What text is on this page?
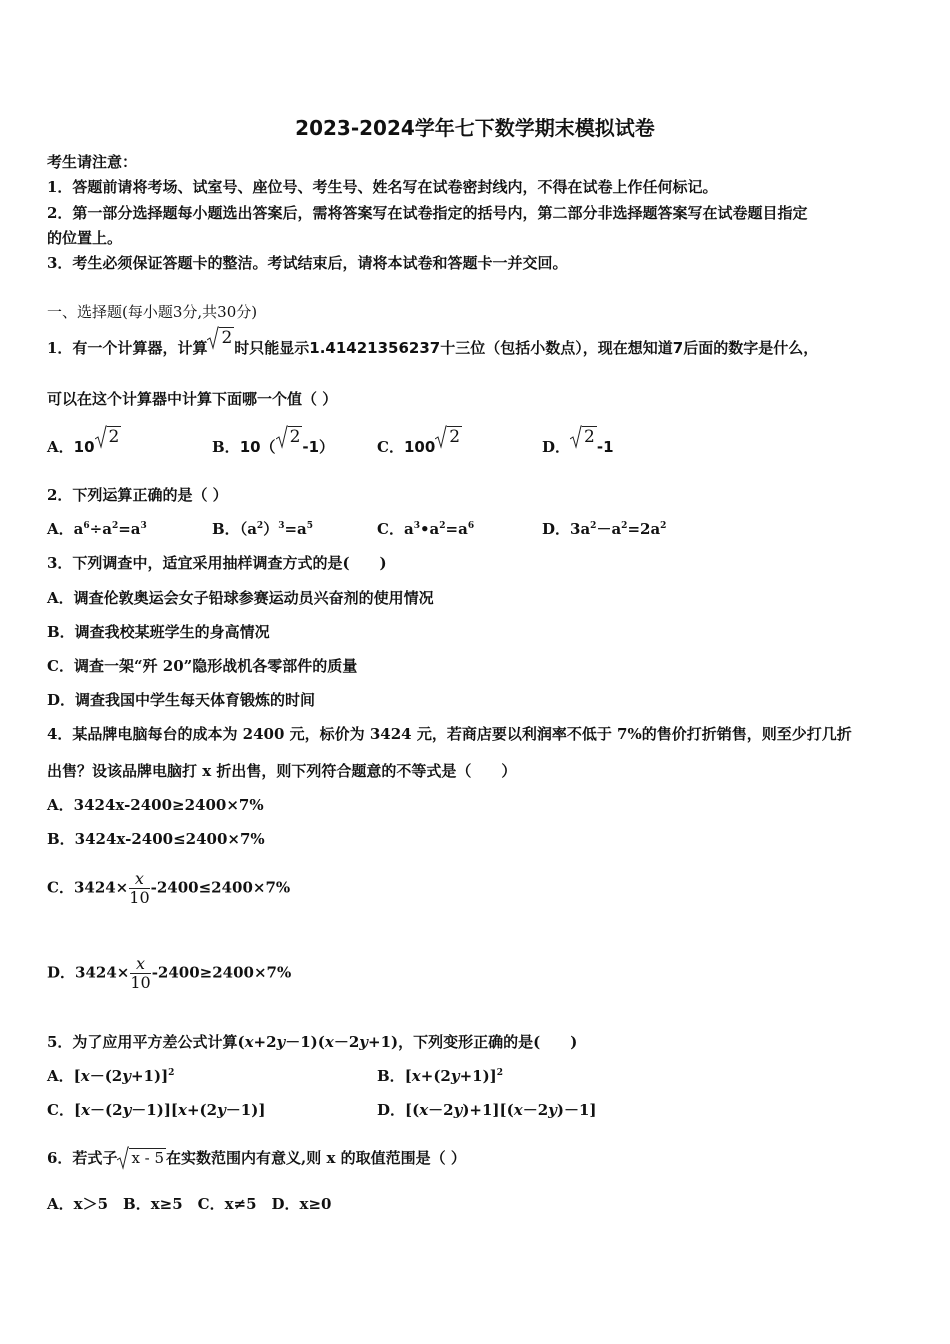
2023-2024学年七下数学期末模拟试卷
考生请注意：
1．答题前请将考场、试室号、座位号、考生号、姓名写在试卷密封线内，不得在试卷上作任何标记。
2．第一部分选择题每小题选出答案后，需将答案写在试卷指定的括号内，第二部分非选择题答案写在试卷题目指定
的位置上。
3．考生必须保证答题卡的整洁。考试结束后，请将本试卷和答题卡一并交回。
一、选择题(每小题3分,共30分)
1．有一个计算器，计算 2 时只能显示1.41421356237十三位（包括小数点），现在想知道7后面的数字是什么，
可以在这个计算器中计算下面哪一个值（ ）
A．10 2	B．10（ 2 -1）	C．100 2	D． 2 -1
2．下列运算正确的是（ ）
A．$a^6\div a^2=a^3$	B．$(a^2)^3=a^5$	C．$a^3•a^2=a^6$	D．$3a^2-a^2=2a^2$
3．下列调查中，适宜采用抽样调查方式的是(　　)
A．调查伦敦奥运会女子铅球参赛运动员兴奋剂的使用情况
B．调查我校某班学生的身高情况
C．调查一架“歼 20”隐形战机各零部件的质量
D．调查我国中学生每天体育锻炼的时间
4．某品牌电脑每台的成本为 2400 元，标价为 3424 元，若商店要以利润率不低于 7%的售价打折销售，则至少打几折
出售？设该品牌电脑打 x 折出售，则下列符合题意的不等式是（　　）
A．3424x-2400≥2400×7%
B．3424x-2400≤2400×7%
C．$3424\times \frac{x}{10} -2400\le 2400\times 7\%$
D．$3424\times \frac{x}{10} -2400\ge 2400\times 7\%$
5．为了应用平方差公式计算(x+2y－1)(x－2y+1)，下列变形正确的是(　　)
A．$[x-(2y+1)]^2$	B．$[x+(2y+1)]^2$
C．[x－(2y－1)][x+(2y－1)]	D．[(x－2y)+1][(x－2y)－1]
6．若式子 x - 5 在实数范围内有意义,则 x 的取值范围是（ ）
A．x＞5　B．x≥5　C．x≠5　D．x≥0
